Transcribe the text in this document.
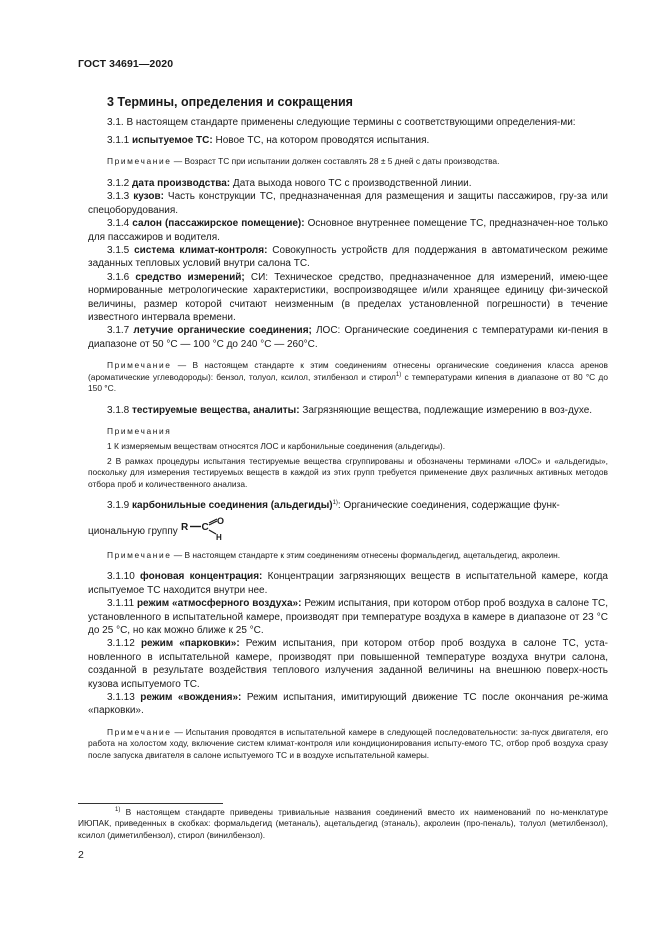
ГОСТ 34691—2020
3 Термины, определения и сокращения

3.1. В настоящем стандарте применены следующие термины с соответствующими определения-ми:

3.1.1 испытуемое ТС: Новое ТС, на котором проводятся испытания.

Примечание — Возраст ТС при испытании должен составлять 28 ± 5 дней с даты производства.

3.1.2 дата производства: Дата выхода нового ТС с производственной линии.

3.1.3 кузов: Часть конструкции ТС, предназначенная для размещения и защиты пассажиров, гру-за или спецоборудования.

3.1.4 салон (пассажирское помещение): Основное внутреннее помещение ТС, предназначен-ное только для пассажиров и водителя.

3.1.5 система климат-контроля: Совокупность устройств для поддержания в автоматическом режиме заданных тепловых условий внутри салона ТС.

3.1.6 средство измерений; СИ: Техническое средство, предназначенное для измерений, имею-щее нормированные метрологические характеристики, воспроизводящее и/или хранящее единицу фи-зической величины, размер которой считают неизменным (в пределах установленной погрешности) в течение известного интервала времени.

3.1.7 летучие органические соединения; ЛОС: Органические соединения с температурами ки-пения в диапазоне от 50 °С — 100 °С до 240 °С — 260°С.

Примечание — В настоящем стандарте к этим соединениям отнесены органические соединения класса аренов (ароматические углеводороды): бензол, толуол, ксилол, этилбензол и стирол$^{1)}$ с температурами кипения в диапазоне от 80 °С до 150 °С.

3.1.8 тестируемые вещества, аналиты: Загрязняющие вещества, подлежащие измерению в воз-духе.

Примечания

1 К измеряемым веществам относятся ЛОС и карбонильные соединения (альдегиды).

2 В рамках процедуры испытания тестируемые вещества сгруппированы и обозначены терминами «ЛОС» и «альдегиды», поскольку для измерения тестируемых веществ в каждой из этих групп требуется применение двух различных активных методов отбора проб и количественного анализа.

3.1.9 карбонильные соединения (альдегиды)$^{1)}$: Органические соединения, содержащие функ-

циональную группу R C
O
H

Примечание — В настоящем стандарте к этим соединениям отнесены формальдегид, ацетальдегид, акролеин.

3.1.10 фоновая концентрация: Концентрации загрязняющих веществ в испытательной камере, когда испытуемое ТС находится внутри нее.

3.1.11 режим «атмосферного воздуха»: Режим испытания, при котором отбор проб воздуха в салоне ТС, установленного в испытательной камере, производят при температуре воздуха в камере в диапазоне от 23 °С до 25 °С, но как можно ближе к 25 °С.

3.1.12 режим «парковки»: Режим испытания, при котором отбор проб воздуха в салоне ТС, уста-новленного в испытательной камере, производят при повышенной температуре воздуха внутри салона, созданной в результате воздействия теплового излучения заданной величины на внешнюю поверх-ность кузова испытуемого ТС.

3.1.13 режим «вождения»: Режим испытания, имитирующий движение ТС после окончания ре-жима «парковки».

Примечание — Испытания проводятся в испытательной камере в следующей последовательности: за-пуск двигателя, его работа на холостом ходу, включение систем климат-контроля или кондиционирования испыту-емого ТС, отбор проб воздуха сразу после запуска двигателя в салоне испытуемого ТС и в воздухе испытательной камеры.

$^{1)}$ В настоящем стандарте приведены тривиальные названия соединений вместо их наименований по но-менклатуре ИЮПАК, приведенных в скобках: формальдегид (метаналь), ацетальдегид (этаналь), акролеин (про-пеналь), толуол (метилбензол), ксилол (диметилбензол), стирол (винилбензол).

2
